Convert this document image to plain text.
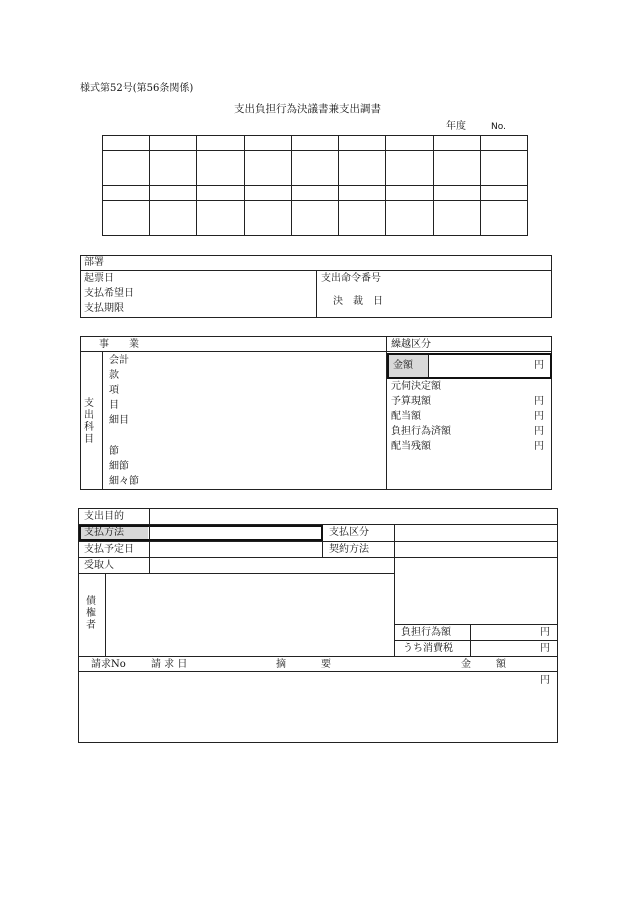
様式第52号(第56条関係)
支出負担行為決議書兼支出調書
年度	No.

部署
起票日
支払希望日
支払期限
支出命令番号
決　裁　日
事　　業	繰越区分
支
出
科
目
会計
款
項
目
細目
節
細節
細々節
金額	円
元伺決定額
予算現額	円
配当額	円
負担行為済額	円
配当残額	円
支出目的
支払方法	支払区分
支払予定日	契約方法
受取人
債
権
者
負担行為額	円
うち消費税	円
請求No	請 求 日	摘	要	金	額
円
